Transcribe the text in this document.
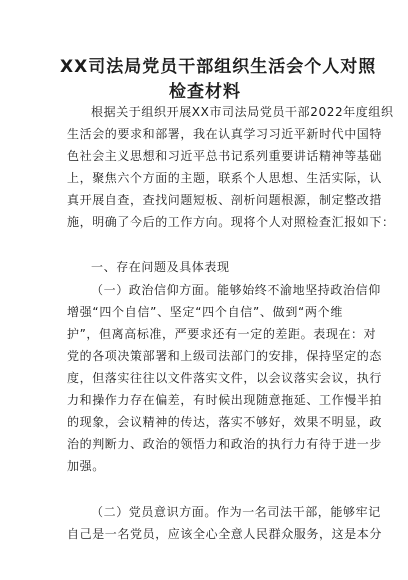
XX司法局党员干部组织生活会个人对照
检查材料
根据关于组织开展XX市司法局党员干部2022年度组织
生活会的要求和部署，我在认真学习习近平新时代中国特
色社会主义思想和习近平总书记系列重要讲话精神等基础
上，聚焦六个方面的主题，联系个人思想、生活实际，认
真开展自查，查找问题短板、剖析问题根源，制定整改措
施，明确了今后的工作方向。现将个人对照检查汇报如下：
一、存在问题及具体表现
（一）政治信仰方面。能够始终不渝地坚持政治信仰
增强“四个自信”、坚定“四个自信”、做到“两个维
护”，但离高标准，严要求还有一定的差距。表现在：对
党的各项决策部署和上级司法部门的安排，保持坚定的态
度，但落实往往以文件落实文件，以会议落实会议，执行
力和操作力存在偏差，有时候出现随意拖延、工作慢半拍
的现象，会议精神的传达，落实不够好，效果不明显，政
治的判断力、政治的领悟力和政治的执行力有待于进一步
加强。
（二）党员意识方面。作为一名司法干部，能够牢记
自己是一名党员，应该全心全意人民群众服务，这是本分
